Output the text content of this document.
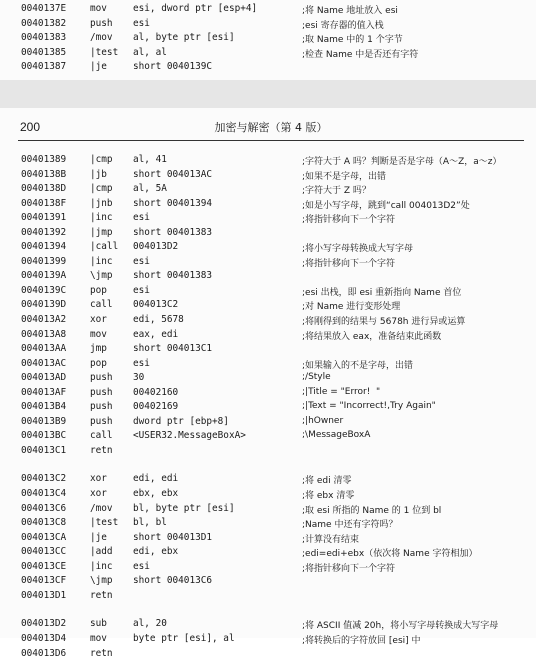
0040137E	mov	esi, dword ptr [esp+4]	;将 Name 地址放入 esi
00401382	push esi	;esi 寄存器的值入栈
00401383	/mov al, byte ptr [esi]	;取 Name 中的 1 个字节
00401385	|test al, al	;检查 Name 中是否还有字符
00401387	|je	short 0040139C
200	加密与解密（第 4 版）
00401389	|cmp al, 41	;字符大于 A 吗？判断是否是字母（A～Z，a～z）
0040138B	|jb	short 004013AC	;如果不是字母，出错
0040138D	|cmp al, 5A	;字符大于 Z 吗？
0040138F	|jnb short 00401394	;如是小写字母，跳到“call 004013D2”处
00401391	|inc esi	;将指针移向下一个字符
00401392	|jmp short 00401383
00401394	|call 004013D2	;将小写字母转换成大写字母
00401399	|inc esi	;将指针移向下一个字符
0040139A	\jmp short 00401383
0040139C	pop	esi	;esi 出栈，即 esi 重新指向 Name 首位
0040139D	call 004013C2	;对 Name 进行变形处理
004013A2	xor	edi, 5678	;将刚得到的结果与 5678h 进行异或运算
004013A8	mov	eax, edi	;将结果放入 eax，准备结束此函数
004013AA	jmp	short 004013C1
004013AC	pop	esi	;如果输入的不是字母，出错
004013AD	push 30	;/Style
004013AF	push 00402160	;|Title = "Error!  "
004013B4	push 00402169	;|Text = "Incorrect!,Try Again"
004013B9	push dword ptr [ebp+8]	;|hOwner
004013BC	call <USER32.MessageBoxA>	;\MessageBoxA
004013C1	retn
004013C2	xor	edi, edi	;将 edi 清零
004013C4	xor	ebx, ebx	;将 ebx 清零
004013C6	/mov bl, byte ptr [esi]	;取 esi 所指的 Name 的 1 位到 bl
004013C8	|test bl, bl	;Name 中还有字符吗？
004013CA	|je	short 004013D1	;计算没有结束
004013CC	|add edi, ebx	;edi=edi+ebx（依次将 Name 字符相加）
004013CE	|inc esi	;将指针移向下一个字符
004013CF	\jmp short 004013C6
004013D1	retn
004013D2	sub	al, 20	;将 ASCII 值减 20h，将小写字母转换成大写字母
004013D4	mov	byte ptr [esi], al	;将转换后的字符放回 [esi] 中
004013D6	retn
